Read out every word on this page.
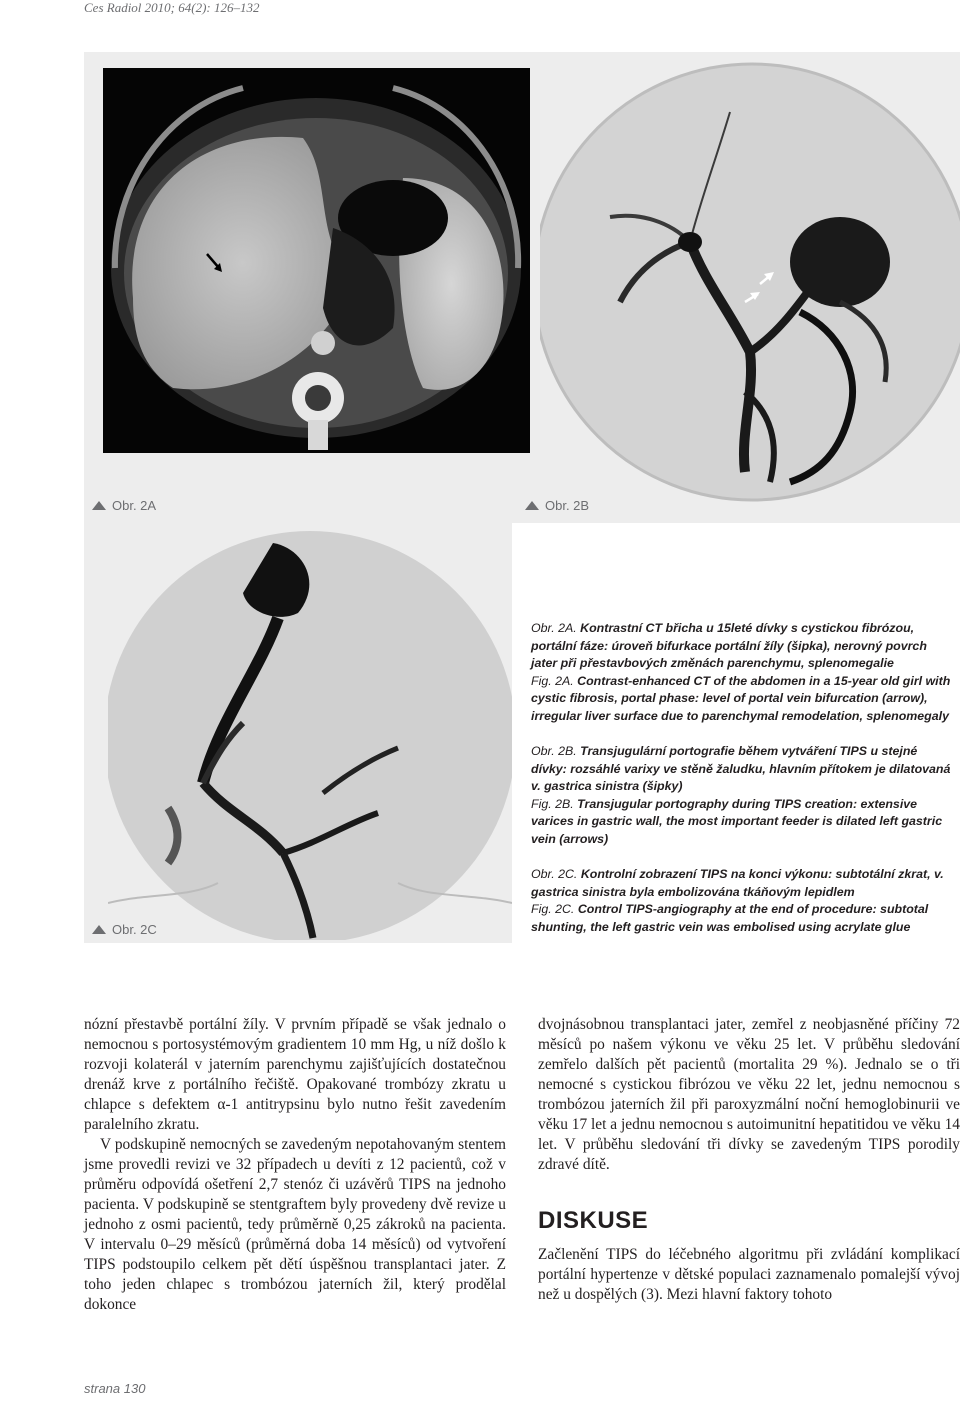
Ces Radiol 2010; 64(2): 126–132
Obr. 2A	Obr. 2B
Obr. 2C

Obr. 2A. Kontrastní CT břicha u 15leté dívky s cystickou fibrózou, portální fáze: úroveň bifurkace portální žíly (šipka), nerovný povrch jater při přestavbových změnách parenchymu, splenomegalie

Fig. 2A. Contrast-enhanced CT of the abdomen in a 15-year old girl with cystic fibrosis, portal phase: level of portal vein bifurcation (arrow), irregular liver surface due to parenchymal remodelation, splenomegaly

Obr. 2B. Transjugulární portografie během vytváření TIPS u stejné dívky: rozsáhlé varixy ve stěně žaludku, hlavním přítokem je dilatovaná v. gastrica sinistra (šipky)

Fig. 2B. Transjugular portography during TIPS creation: extensive varices in gastric wall, the most important feeder is dilated left gastric vein (arrows)

Obr. 2C. Kontrolní zobrazení TIPS na konci výkonu: subtotální zkrat, v. gastrica sinistra byla embolizována tkáňovým lepidlem

Fig. 2C. Control TIPS-angiography at the end of procedure: subtotal shunting, the left gastric vein was embolised using acrylate glue

nózní přestavbě portální žíly. V prvním případě se však jednalo o nemocnou s portosystémovým gradientem 10 mm Hg, u níž došlo k rozvoji kolaterál v jaterním parenchymu zajišťujících dostatečnou drenáž krve z portálního řečiště. Opakované trombózy zkratu u chlapce s defektem α-1 antitrypsinu bylo nutno řešit zavedením paralelního zkratu.

V podskupině nemocných se zavedeným nepotahovaným stentem jsme provedli revizi ve 32 případech u devíti z 12 pacientů, což v průměru odpovídá ošetření 2,7 stenóz či uzávěrů TIPS na jednoho pacienta. V podskupině se stentgraftem byly provedeny dvě revize u jednoho z osmi pacientů, tedy průměrně 0,25 zákroků na pacienta. V intervalu 0–29 měsíců (průměrná doba 14 měsíců) od vytvoření TIPS podstoupilo celkem pět dětí úspěšnou transplantaci jater. Z toho jeden chlapec s trombózou jaterních žil, který prodělal dokonce

dvojnásobnou transplantaci jater, zemřel z neobjasněné příčiny 72 měsíců po našem výkonu ve věku 25 let. V průběhu sledování zemřelo dalších pět pacientů (mortalita 29 %). Jednalo se o tři nemocné s cystickou fibrózou ve věku 22 let, jednu nemocnou s trombózou jaterních žil při paroxyzmální noční hemoglobinurii ve věku 17 let a jednu nemocnou s autoimunitní hepatitidou ve věku 14 let. V průběhu sledování tři dívky se zavedeným TIPS porodily zdravé dítě.

DISKUSE

Začlenění TIPS do léčebného algoritmu při zvládání komplikací portální hypertenze v dětské populaci zaznamenalo pomalejší vývoj než u dospělých (3). Mezi hlavní faktory tohoto

strana 130
